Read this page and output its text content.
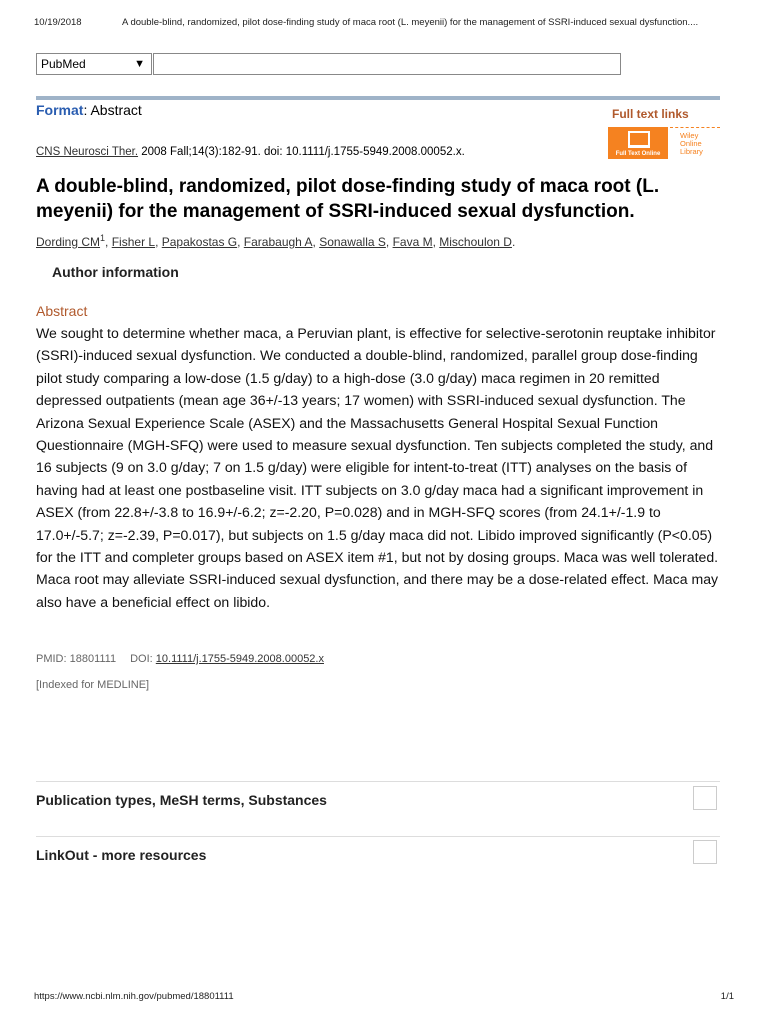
10/19/2018	A double-blind, randomized, pilot dose-finding study of maca root (L. meyenii) for the management of SSRI-induced sexual dysfunction....
PubMed	▼
Format: Abstract	Full text links
Full Text Online
Wiley
Online
Library
CNS Neurosci Ther. 2008 Fall;14(3):182-91. doi: 10.1111/j.1755-5949.2008.00052.x.
A double-blind, randomized, pilot dose-finding study of maca root (L. meyenii) for the management of SSRI-induced sexual dysfunction.
Dording $CM^1$, Fisher L, Papakostas G, Farabaugh A, Sonawalla S, Fava M, Mischoulon D.
Author information
Abstract

We sought to determine whether maca, a Peruvian plant, is effective for selective-serotonin reuptake inhibitor (SSRI)-induced sexual dysfunction. We conducted a double-blind, randomized, parallel group dose-finding pilot study comparing a low-dose (1.5 g/day) to a high-dose (3.0 g/day) maca regimen in 20 remitted depressed outpatients (mean age 36+/-13 years; 17 women) with SSRI-induced sexual dysfunction. The Arizona Sexual Experience Scale (ASEX) and the Massachusetts General Hospital Sexual Function Questionnaire (MGH-SFQ) were used to measure sexual dysfunction. Ten subjects completed the study, and 16 subjects (9 on 3.0 g/day; 7 on 1.5 g/day) were eligible for intent-to-treat (ITT) analyses on the basis of having had at least one postbaseline visit. ITT subjects on 3.0 g/day maca had a significant improvement in ASEX (from 22.8+/-3.8 to 16.9+/-6.2; z=-2.20, P=0.028) and in MGH-SFQ scores (from 24.1+/-1.9 to 17.0+/-5.7; z=-2.39, P=0.017), but subjects on 1.5 g/day maca did not. Libido improved significantly (P<0.05) for the ITT and completer groups based on ASEX item #1, but not by dosing groups. Maca was well tolerated. Maca root may alleviate SSRI-induced sexual dysfunction, and there may be a dose-related effect. Maca may also have a beneficial effect on libido.

PMID: 18801111 DOI: 10.1111/j.1755-5949.2008.00052.x
[Indexed for MEDLINE]
Publication types, MeSH terms, Substances
LinkOut - more resources
https://www.ncbi.nlm.nih.gov/pubmed/18801111	1/1
